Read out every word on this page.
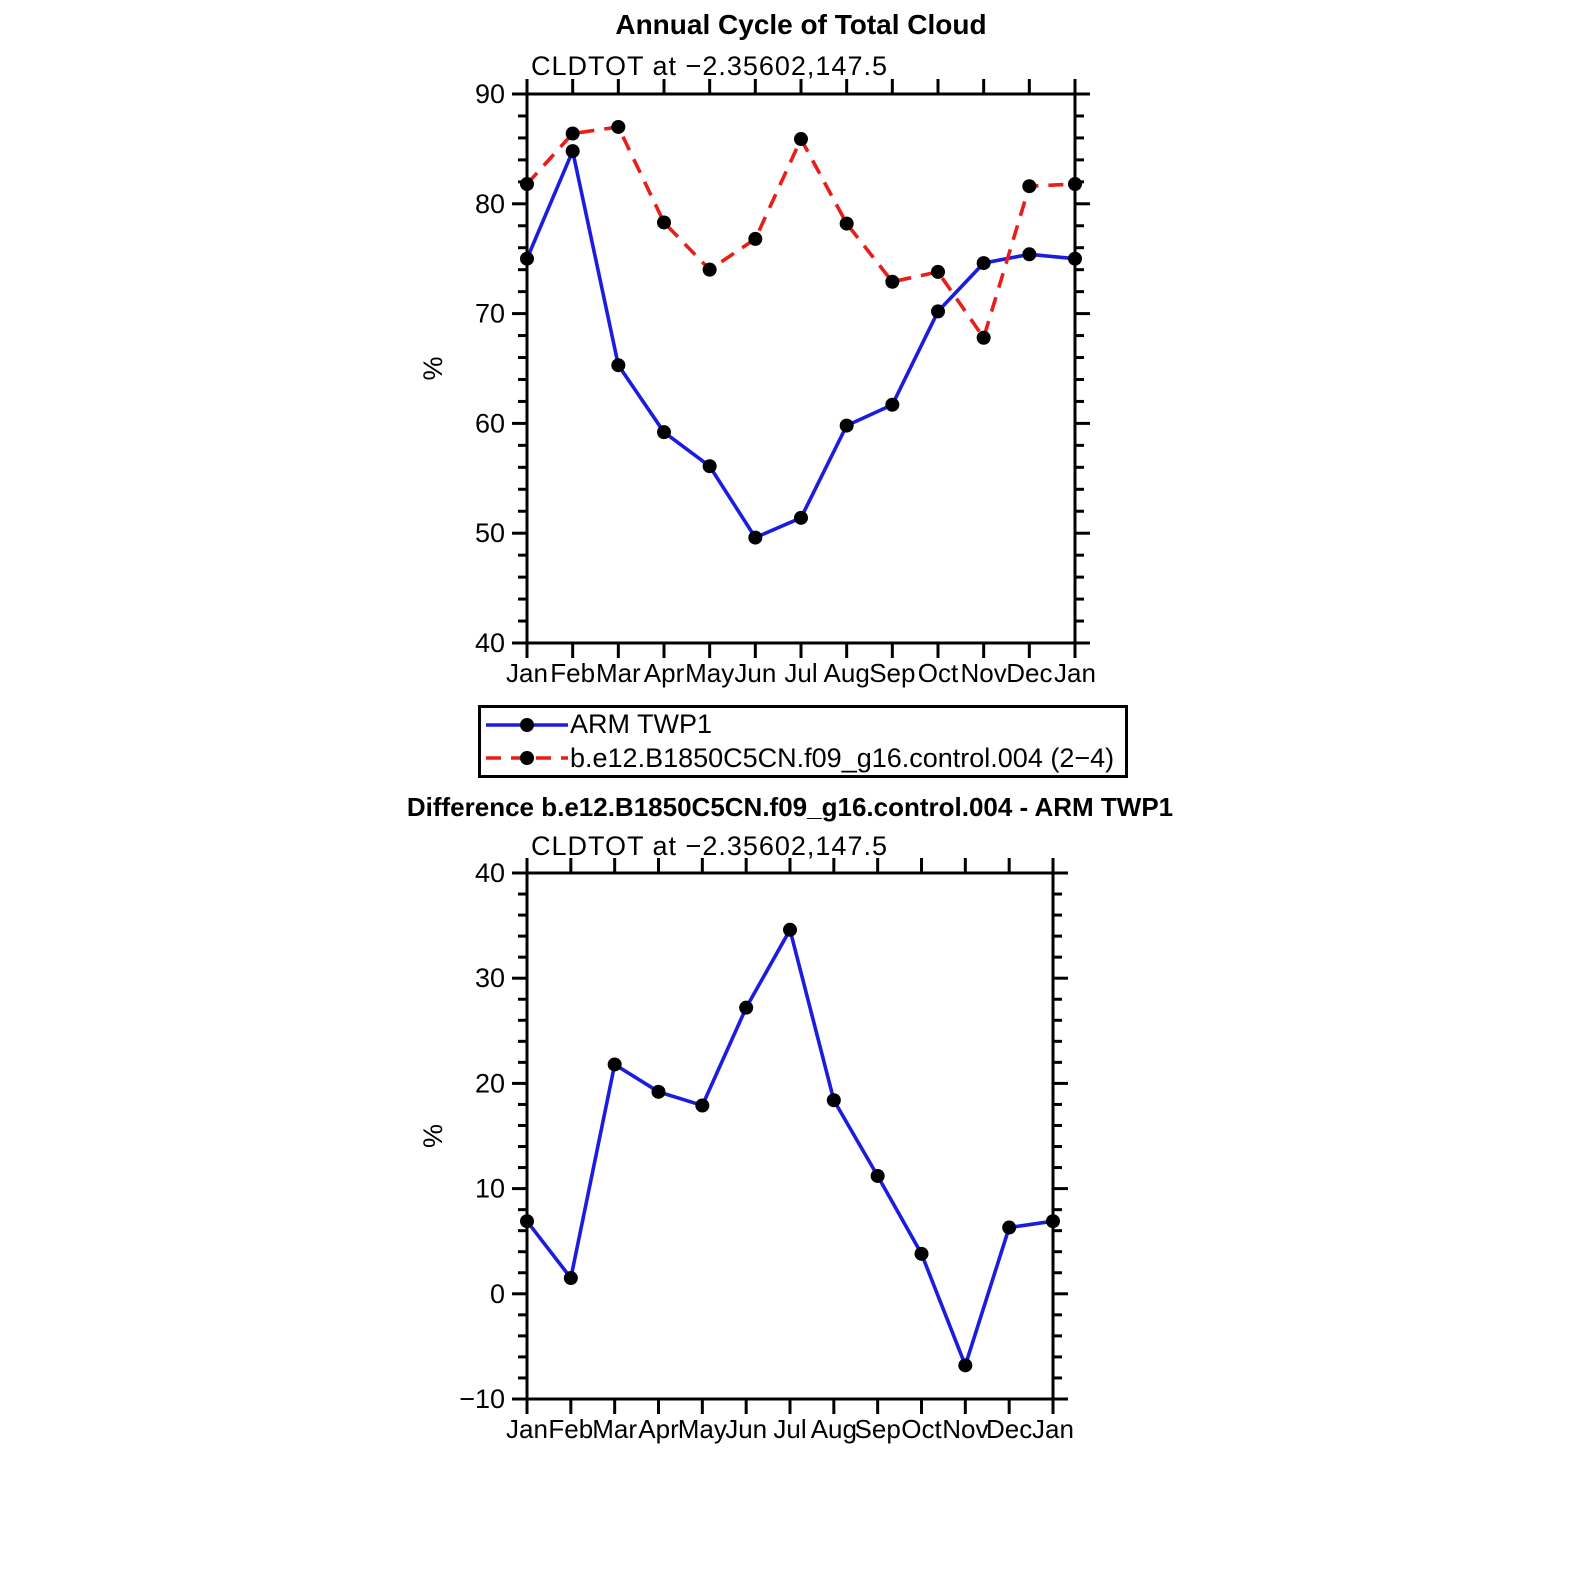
Annual Cycle of Total Cloud
CLDTOT at −2.35602,147.5
40
50
60
70
80
90
Jan Feb Mar Apr May Jun Jul Aug Sep Oct Nov Dec Jan
%
−10
0
10
20
30
40
Jan Feb Mar Apr May
Jun Jul Aug
Sep Oct Nov
Dec Jan
%
ARM TWP1
b.e12.B1850C5CN.f09_g16.control.004 (2−4)
Difference b.e12.B1850C5CN.f09_g16.control.004 - ARM TWP1
CLDTOT at −2.35602,147.5
